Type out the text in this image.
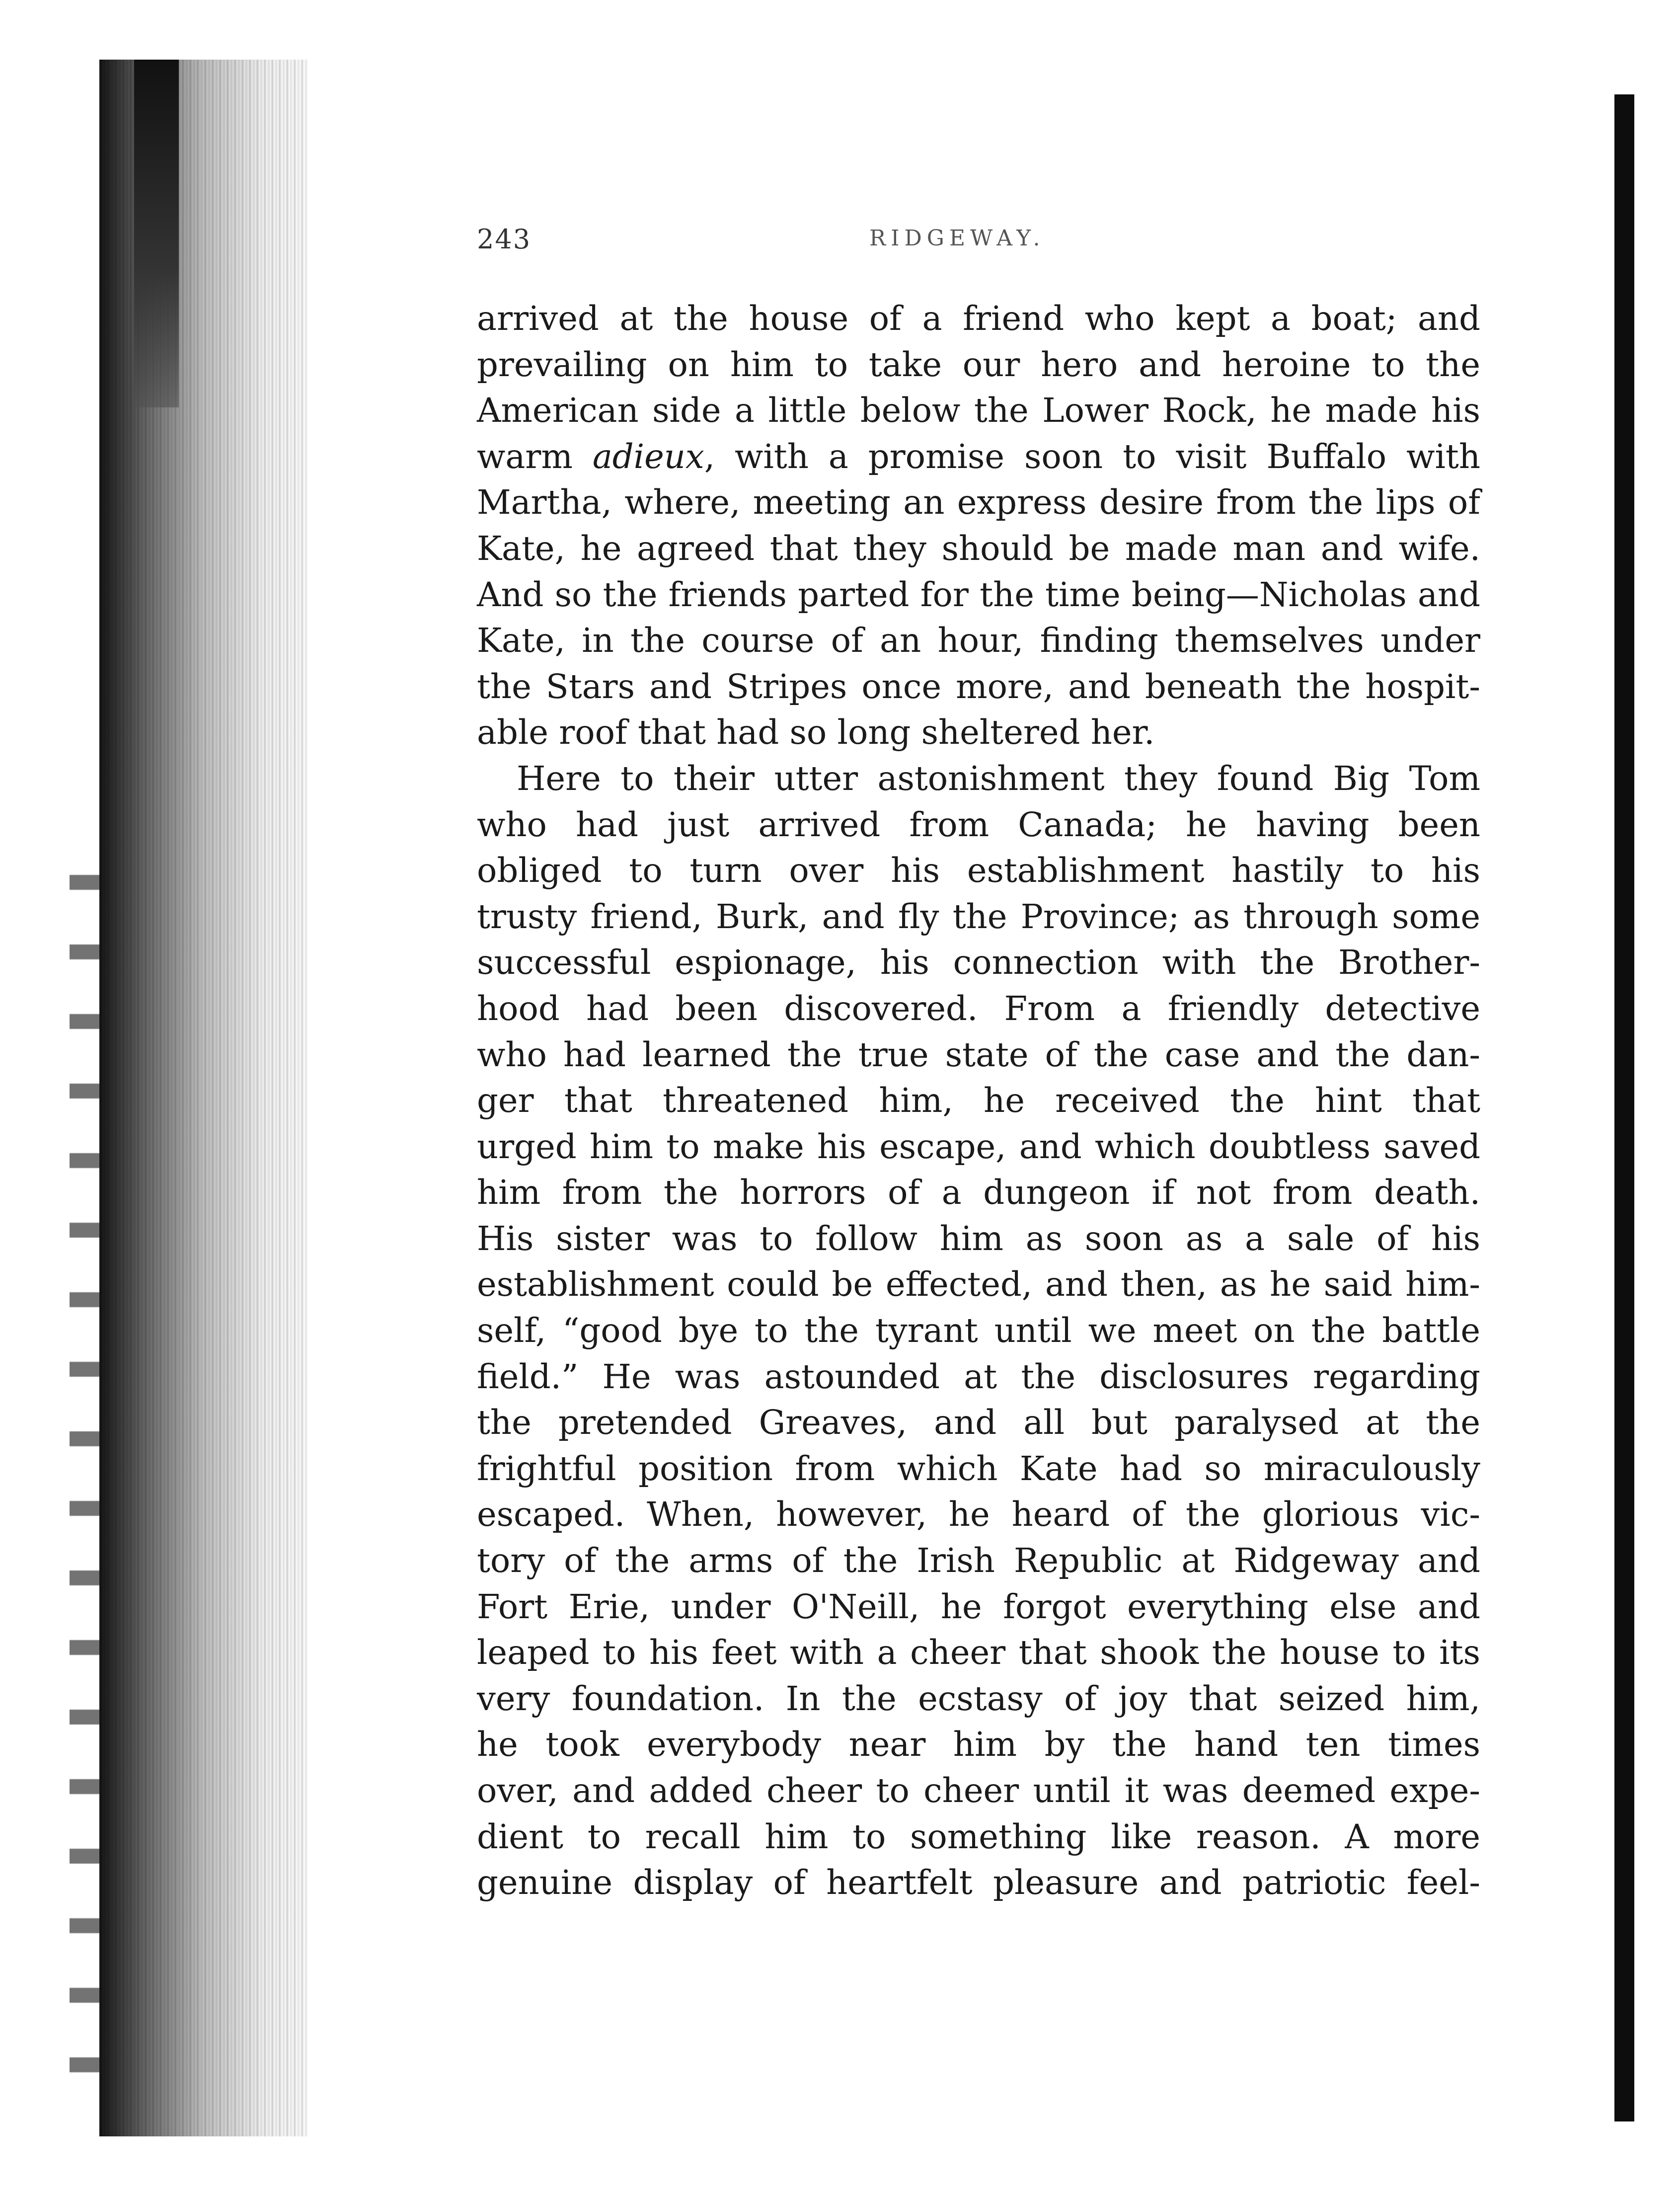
243	RIDGEWAY.
arrived at the house of a friend who kept a boat; and
prevailing on him to take our hero and heroine to the
American side a little below the Lower Rock, he made his
warm adieux, with a promise soon to visit Buffalo with
Martha, where, meeting an express desire from the lips of
Kate, he agreed that they should be made man and wife.
And so the friends parted for the time being—Nicholas and
Kate, in the course of an hour, finding themselves under
the Stars and Stripes once more, and beneath the hospit-
able roof that had so long sheltered her.
Here to their utter astonishment they found Big Tom
who had just arrived from Canada; he having been
obliged to turn over his establishment hastily to his
trusty friend, Burk, and fly the Province; as through some
successful espionage, his connection with the Brother-
hood had been discovered. From a friendly detective
who had learned the true state of the case and the dan-
ger that threatened him, he received the hint that
urged him to make his escape, and which doubtless saved
him from the horrors of a dungeon if not from death.
His sister was to follow him as soon as a sale of his
establishment could be effected, and then, as he said him-
self, “good bye to the tyrant until we meet on the battle
field.” He was astounded at the disclosures regarding
the pretended Greaves, and all but paralysed at the
frightful position from which Kate had so miraculously
escaped. When, however, he heard of the glorious vic-
tory of the arms of the Irish Republic at Ridgeway and
Fort Erie, under O'Neill, he forgot everything else and
leaped to his feet with a cheer that shook the house to its
very foundation. In the ecstasy of joy that seized him,
he took everybody near him by the hand ten times
over, and added cheer to cheer until it was deemed expe-
dient to recall him to something like reason. A more
genuine display of heartfelt pleasure and patriotic feel-
